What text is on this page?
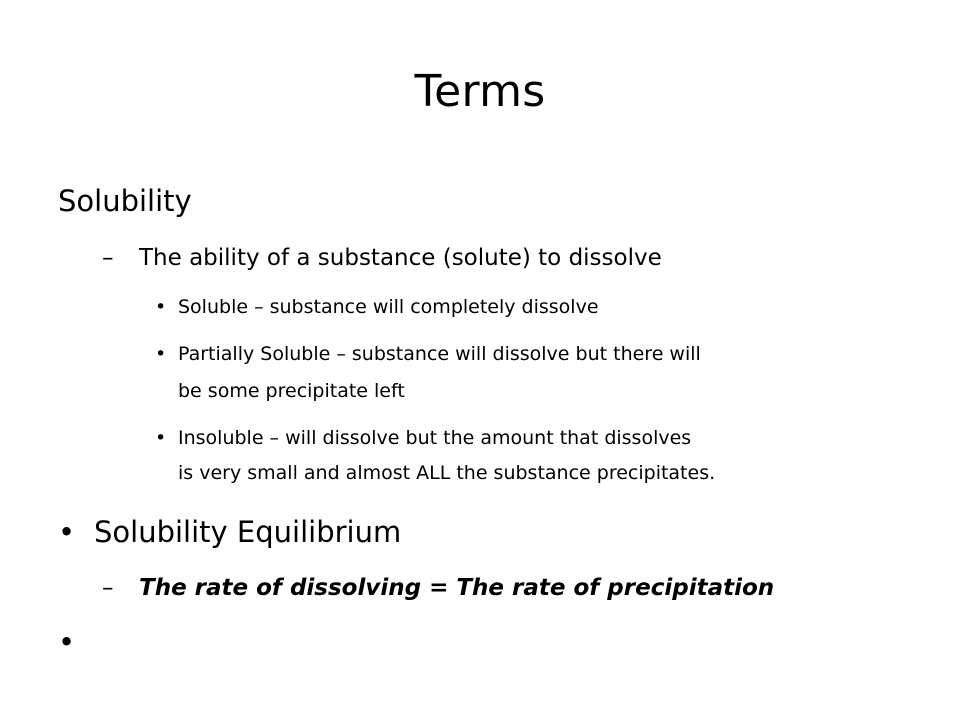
Terms
Solubility
– The ability of a substance (solute) to dissolve
• Soluble – substance will completely dissolve
• Partially Soluble – substance will dissolve but there will
be some precipitate left
• Insoluble – will dissolve but the amount that dissolves
is very small and almost ALL the substance precipitates.
• Solubility Equilibrium
– The rate of dissolving = The rate of precipitation
•
